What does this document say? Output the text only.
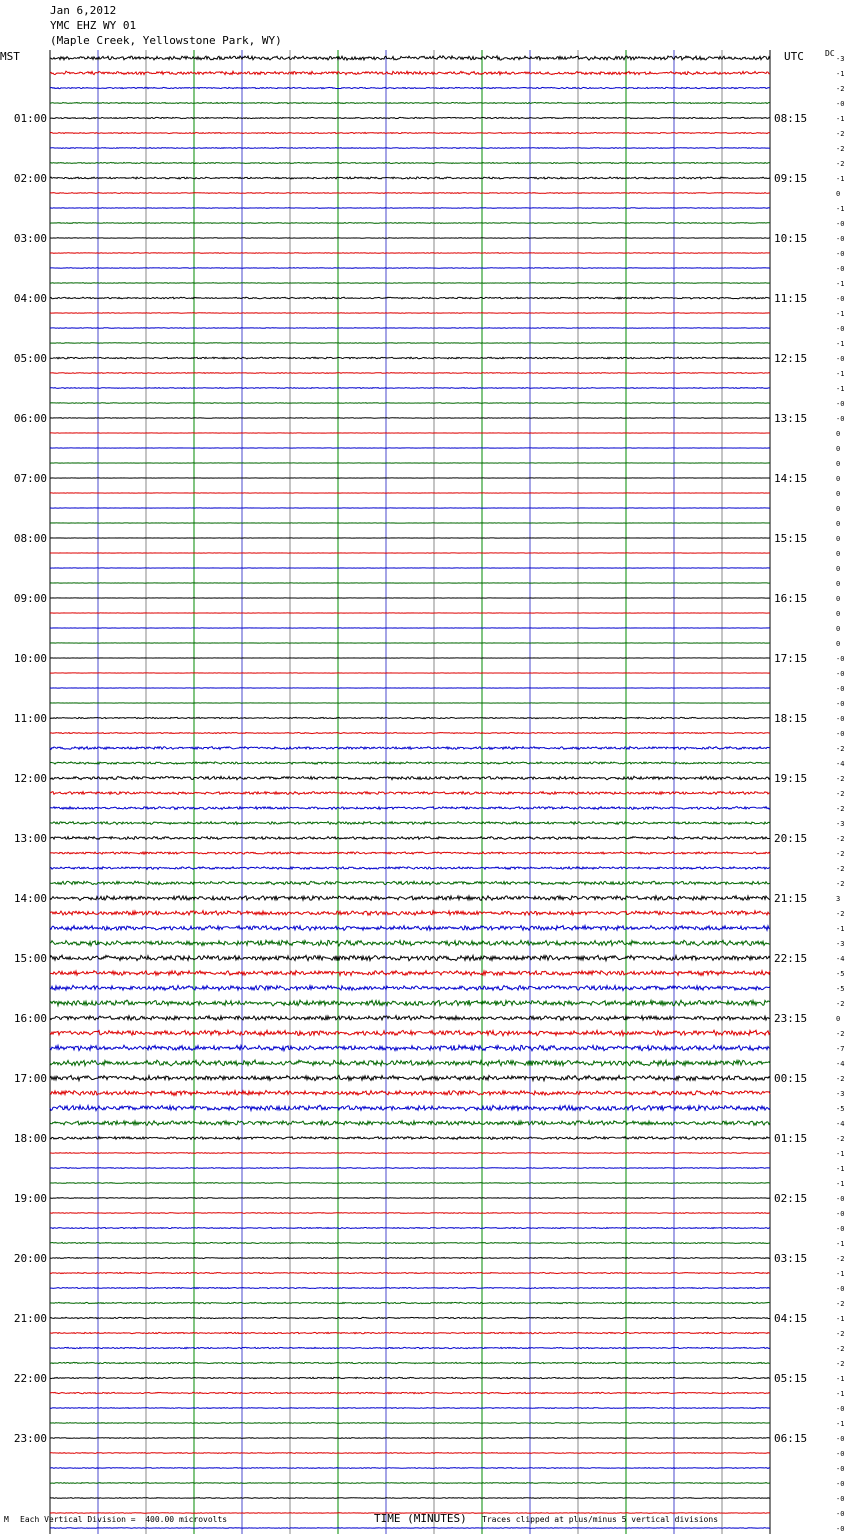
Jan 6,2012
YMC EHZ WY 01
(Maple Creek, Yellowstone Park, WY)
MST	UTC	DC
-3
-1
-2
-0
-1
-2
-2
-2
-1
0
-1
-0
-0
-0
-0
-1
-0
-1
-0
-1
-0
-1
-1
-0
-0
0
0
0
0
0
0
0
0
0
0
0
0
0
0
0
-0
-0
-0
-0
-0
-0
-2
-4
-2
-2
-2
-3
-2
-2
-2
-2
3
-2
-1
-3
-4
-5
-5
-2
0
-2
-7
-4
-2
-3
-5
-4
-2
-1
-1
-1
-0
-0
-0
-1
-2
-1
-0
-2
-1
-2
-2
-2
-1
-1
-0
-1
-0
-0
-0
-0
-0
-0
-0
01:00	08:15
02:00	09:15
03:00	10:15
04:00	11:15
05:00	12:15
06:00	13:15
07:00	14:15
08:00	15:15
09:00	16:15
10:00	17:15
11:00	18:15
12:00	19:15
13:00	20:15
14:00	21:15
15:00	22:15
16:00	23:15
17:00	00:15
18:00	01:15
19:00	02:15
20:00	03:15
21:00	04:15
22:00	05:15
23:00	06:15
M Each Vertical Division =  400.00 microvolts	TIME (MINUTES) Traces clipped at plus/minus 5 vertical divisions
